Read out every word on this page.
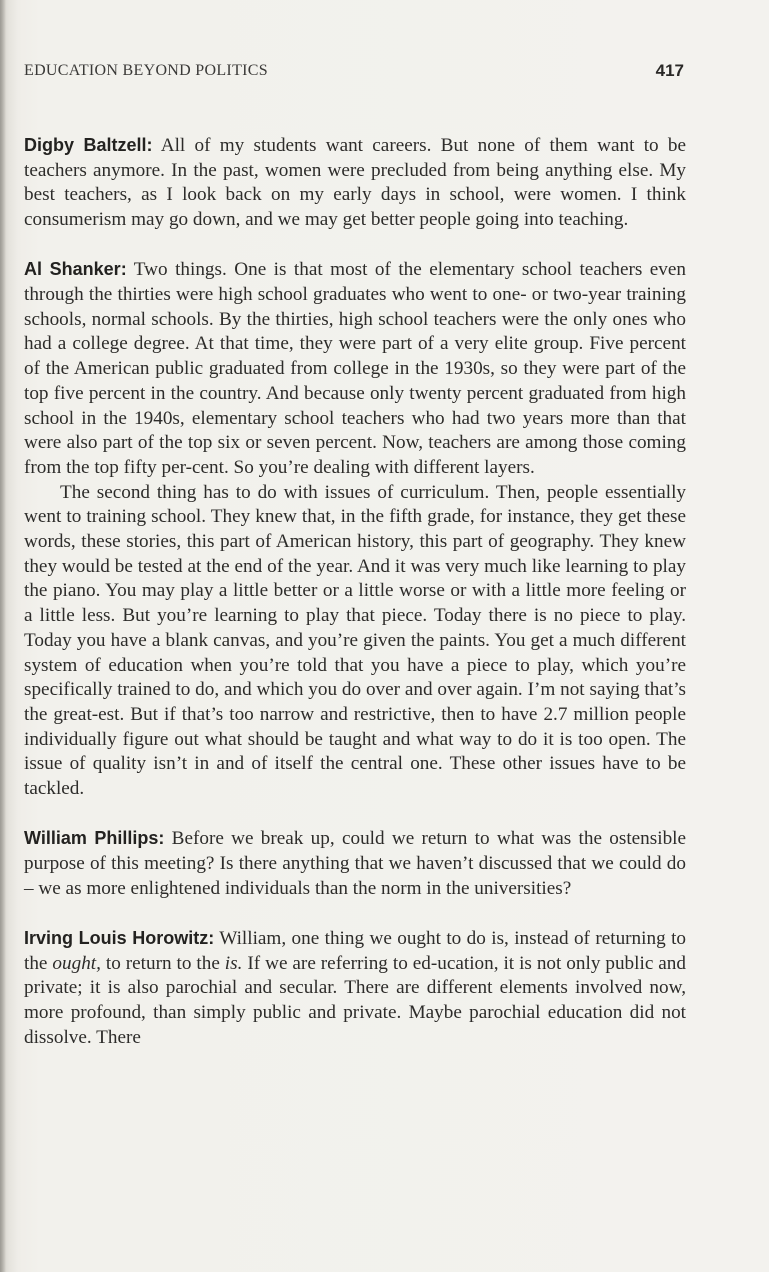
EDUCATION BEYOND POLITICS	417

Digby Baltzell: All of my students want careers. But none of them want to be teachers anymore. In the past, women were precluded from being anything else. My best teachers, as I look back on my early days in school, were women. I think consumerism may go down, and we may get better people going into teaching.

Al Shanker: Two things. One is that most of the elementary school teachers even through the thirties were high school graduates who went to one- or two-year training schools, normal schools. By the thirties, high school teachers were the only ones who had a college degree. At that time, they were part of a very elite group. Five percent of the American public graduated from college in the 1930s, so they were part of the top five percent in the country. And because only twenty percent graduated from high school in the 1940s, elementary school teachers who had two years more than that were also part of the top six or seven percent. Now, teachers are among those coming from the top fifty per-cent. So you’re dealing with different layers.

The second thing has to do with issues of curriculum. Then, people essentially went to training school. They knew that, in the fifth grade, for instance, they get these words, these stories, this part of American history, this part of geography. They knew they would be tested at the end of the year. And it was very much like learning to play the piano. You may play a little better or a little worse or with a little more feeling or a little less. But you’re learning to play that piece. Today there is no piece to play. Today you have a blank canvas, and you’re given the paints. You get a much different system of education when you’re told that you have a piece to play, which you’re specifically trained to do, and which you do over and over again. I’m not saying that’s the great-est. But if that’s too narrow and restrictive, then to have 2.7 million people individually figure out what should be taught and what way to do it is too open. The issue of quality isn’t in and of itself the central one. These other issues have to be tackled.

William Phillips: Before we break up, could we return to what was the ostensible purpose of this meeting? Is there anything that we haven’t discussed that we could do – we as more enlightened individuals than the norm in the universities?

Irving Louis Horowitz: William, one thing we ought to do is, instead of returning to the ought, to return to the is. If we are referring to ed-ucation, it is not only public and private; it is also parochial and secular. There are different elements involved now, more profound, than simply public and private. Maybe parochial education did not dissolve. There
